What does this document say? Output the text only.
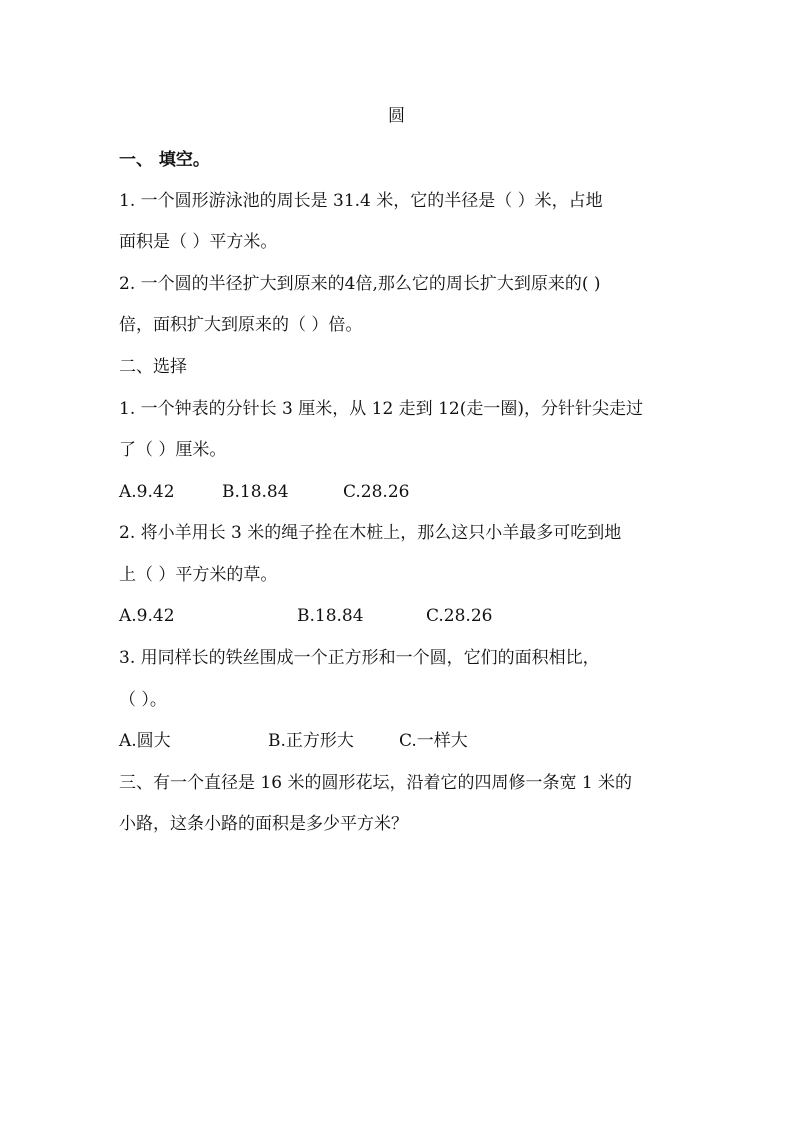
圆
一、 填空。
1. 一个圆形游泳池的周长是 31.4 米，它的半径是（ ）米，占地
面积是（ ）平方米。
2. 一个圆的半径扩大到原来的4倍,那么它的周长扩大到原来的( )
倍，面积扩大到原来的（ ）倍。
二、选择
1. 一个钟表的分针长 3 厘米，从 12 走到 12(走一圈)，分针针尖走过
了（ ）厘米。
A.9.42	B.18.84	C.28.26
2. 将小羊用长 3 米的绳子拴在木桩上，那么这只小羊最多可吃到地
上（ ）平方米的草。
A.9.42	B.18.84	C.28.26
3. 用同样长的铁丝围成一个正方形和一个圆，它们的面积相比，
（ ）。
A.圆大	B.正方形大	C.一样大
三、有一个直径是 16 米的圆形花坛，沿着它的四周修一条宽 1 米的
小路，这条小路的面积是多少平方米？
